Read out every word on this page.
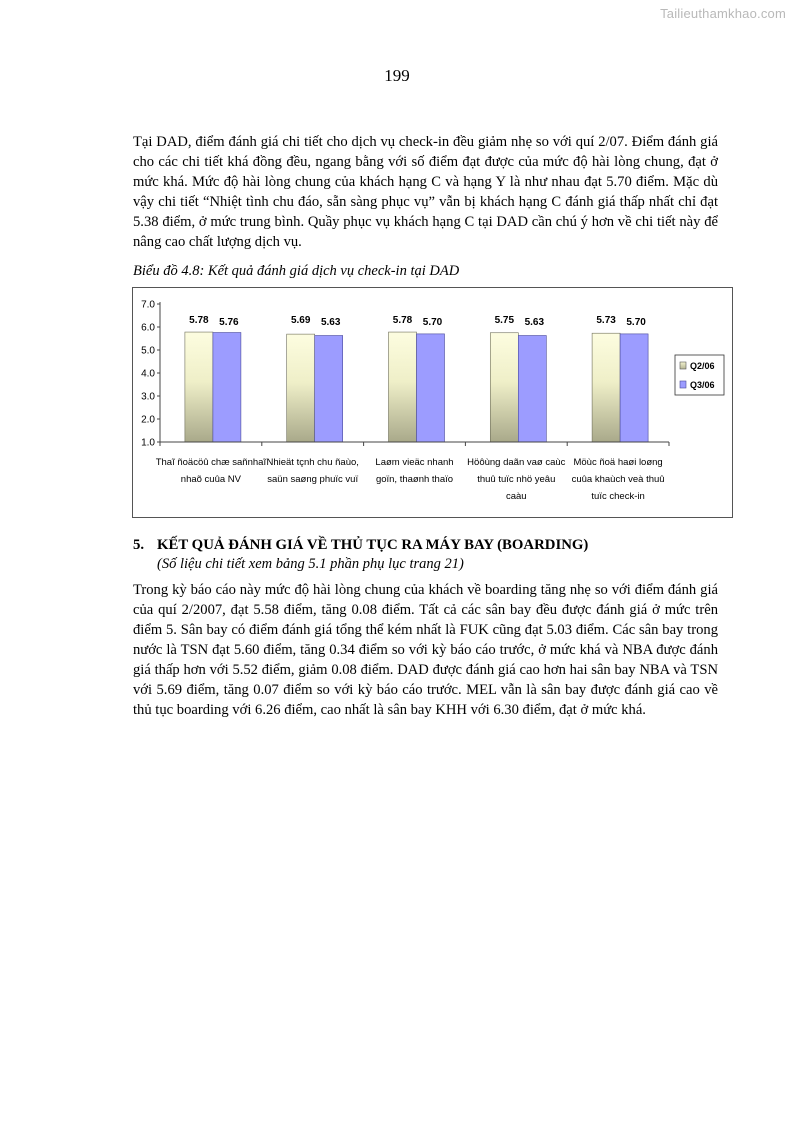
Tailieuthamkhao.com
199

Tại DAD, điểm đánh giá chi tiết cho dịch vụ check-in đều giảm nhẹ so với quí 2/07. Điểm đánh giá cho các chi tiết khá đồng đều, ngang bằng với số điểm đạt được của mức độ hài lòng chung, đạt ở mức khá. Mức độ hài lòng chung của khách hạng C và hạng Y là như nhau đạt 5.70 điểm. Mặc dù vậy chi tiết “Nhiệt tình chu đáo, sẵn sàng phục vụ” vẫn bị khách hạng C đánh giá thấp nhất chỉ đạt 5.38 điểm, ở mức trung bình. Quầy phục vụ khách hạng C tại DAD cần chú ý hơn về chi tiết này để nâng cao chất lượng dịch vụ.

Biểu đồ 4.8: Kết quả đánh giá dịch vụ check-in tại DAD
5.78 5.76
Thaĩ ñoäcöû chæ sañnhaĩ
nhaõ cuûa NV
5.69 5.63
Nhieät tçnh chu ñaùo,
saün saøng phuïc vuï
5.78 5.70
Laøm vieäc nhanh
goïn, thaønh thaïo
5.75 5.63
Höôùng daãn vaø caùc
thuû tuïc nhö yeâu
caàu
5.73 5.70
Möùc ñoä haøi loøng
cuûa khaùch veà thuû
tuïc check-in
1.0
2.0
3.0
4.0
5.0
6.0
7.0
Q2/06
Q3/06
5. KẾT QUẢ ĐÁNH GIÁ VỀ THỦ TỤC RA MÁY BAY (BOARDING)
(Số liệu chi tiết xem bảng 5.1 phần phụ lục trang 21)

Trong kỳ báo cáo này mức độ hài lòng chung của khách về boarding tăng nhẹ so với điểm đánh giá của quí 2/2007, đạt 5.58 điểm, tăng 0.08 điểm. Tất cả các sân bay đều được đánh giá ở mức trên điểm 5. Sân bay có điểm đánh giá tổng thể kém nhất là FUK cũng đạt 5.03 điểm. Các sân bay trong nước là TSN đạt 5.60 điểm, tăng 0.34 điểm so với kỳ báo cáo trước, ở mức khá và NBA được đánh giá thấp hơn với 5.52 điểm, giảm 0.08 điểm. DAD được đánh giá cao hơn hai sân bay NBA và TSN với 5.69 điểm, tăng 0.07 điểm so với kỳ báo cáo trước. MEL vẫn là sân bay được đánh giá cao về thủ tục boarding với 6.26 điểm, cao nhất là sân bay KHH với 6.30 điểm, đạt ở mức khá.
